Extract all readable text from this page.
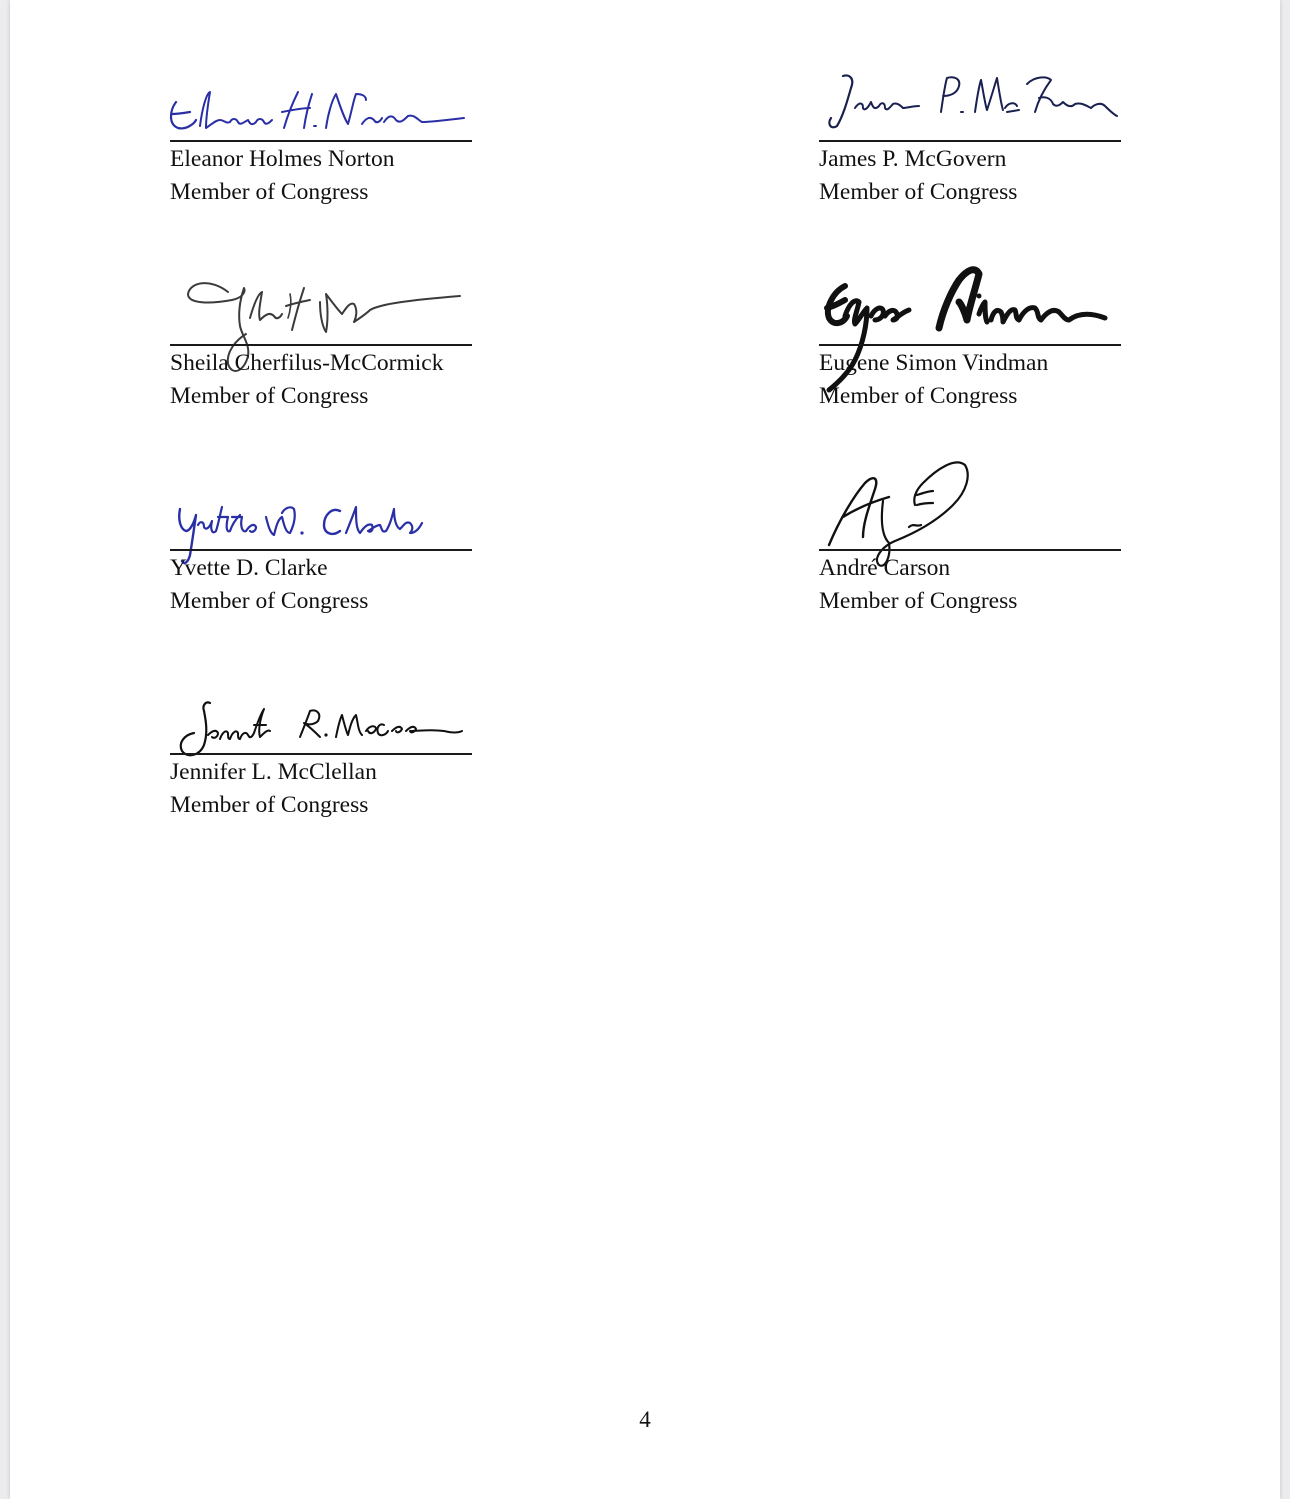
Eleanor Holmes Norton
Member of Congress
James P. McGovern
Member of Congress
Sheila Cherfilus-McCormick
Member of Congress
Eugene Simon Vindman
Member of Congress
Yvette D. Clarke
Member of Congress
André Carson
Member of Congress
Jennifer L. McClellan
Member of Congress
4
